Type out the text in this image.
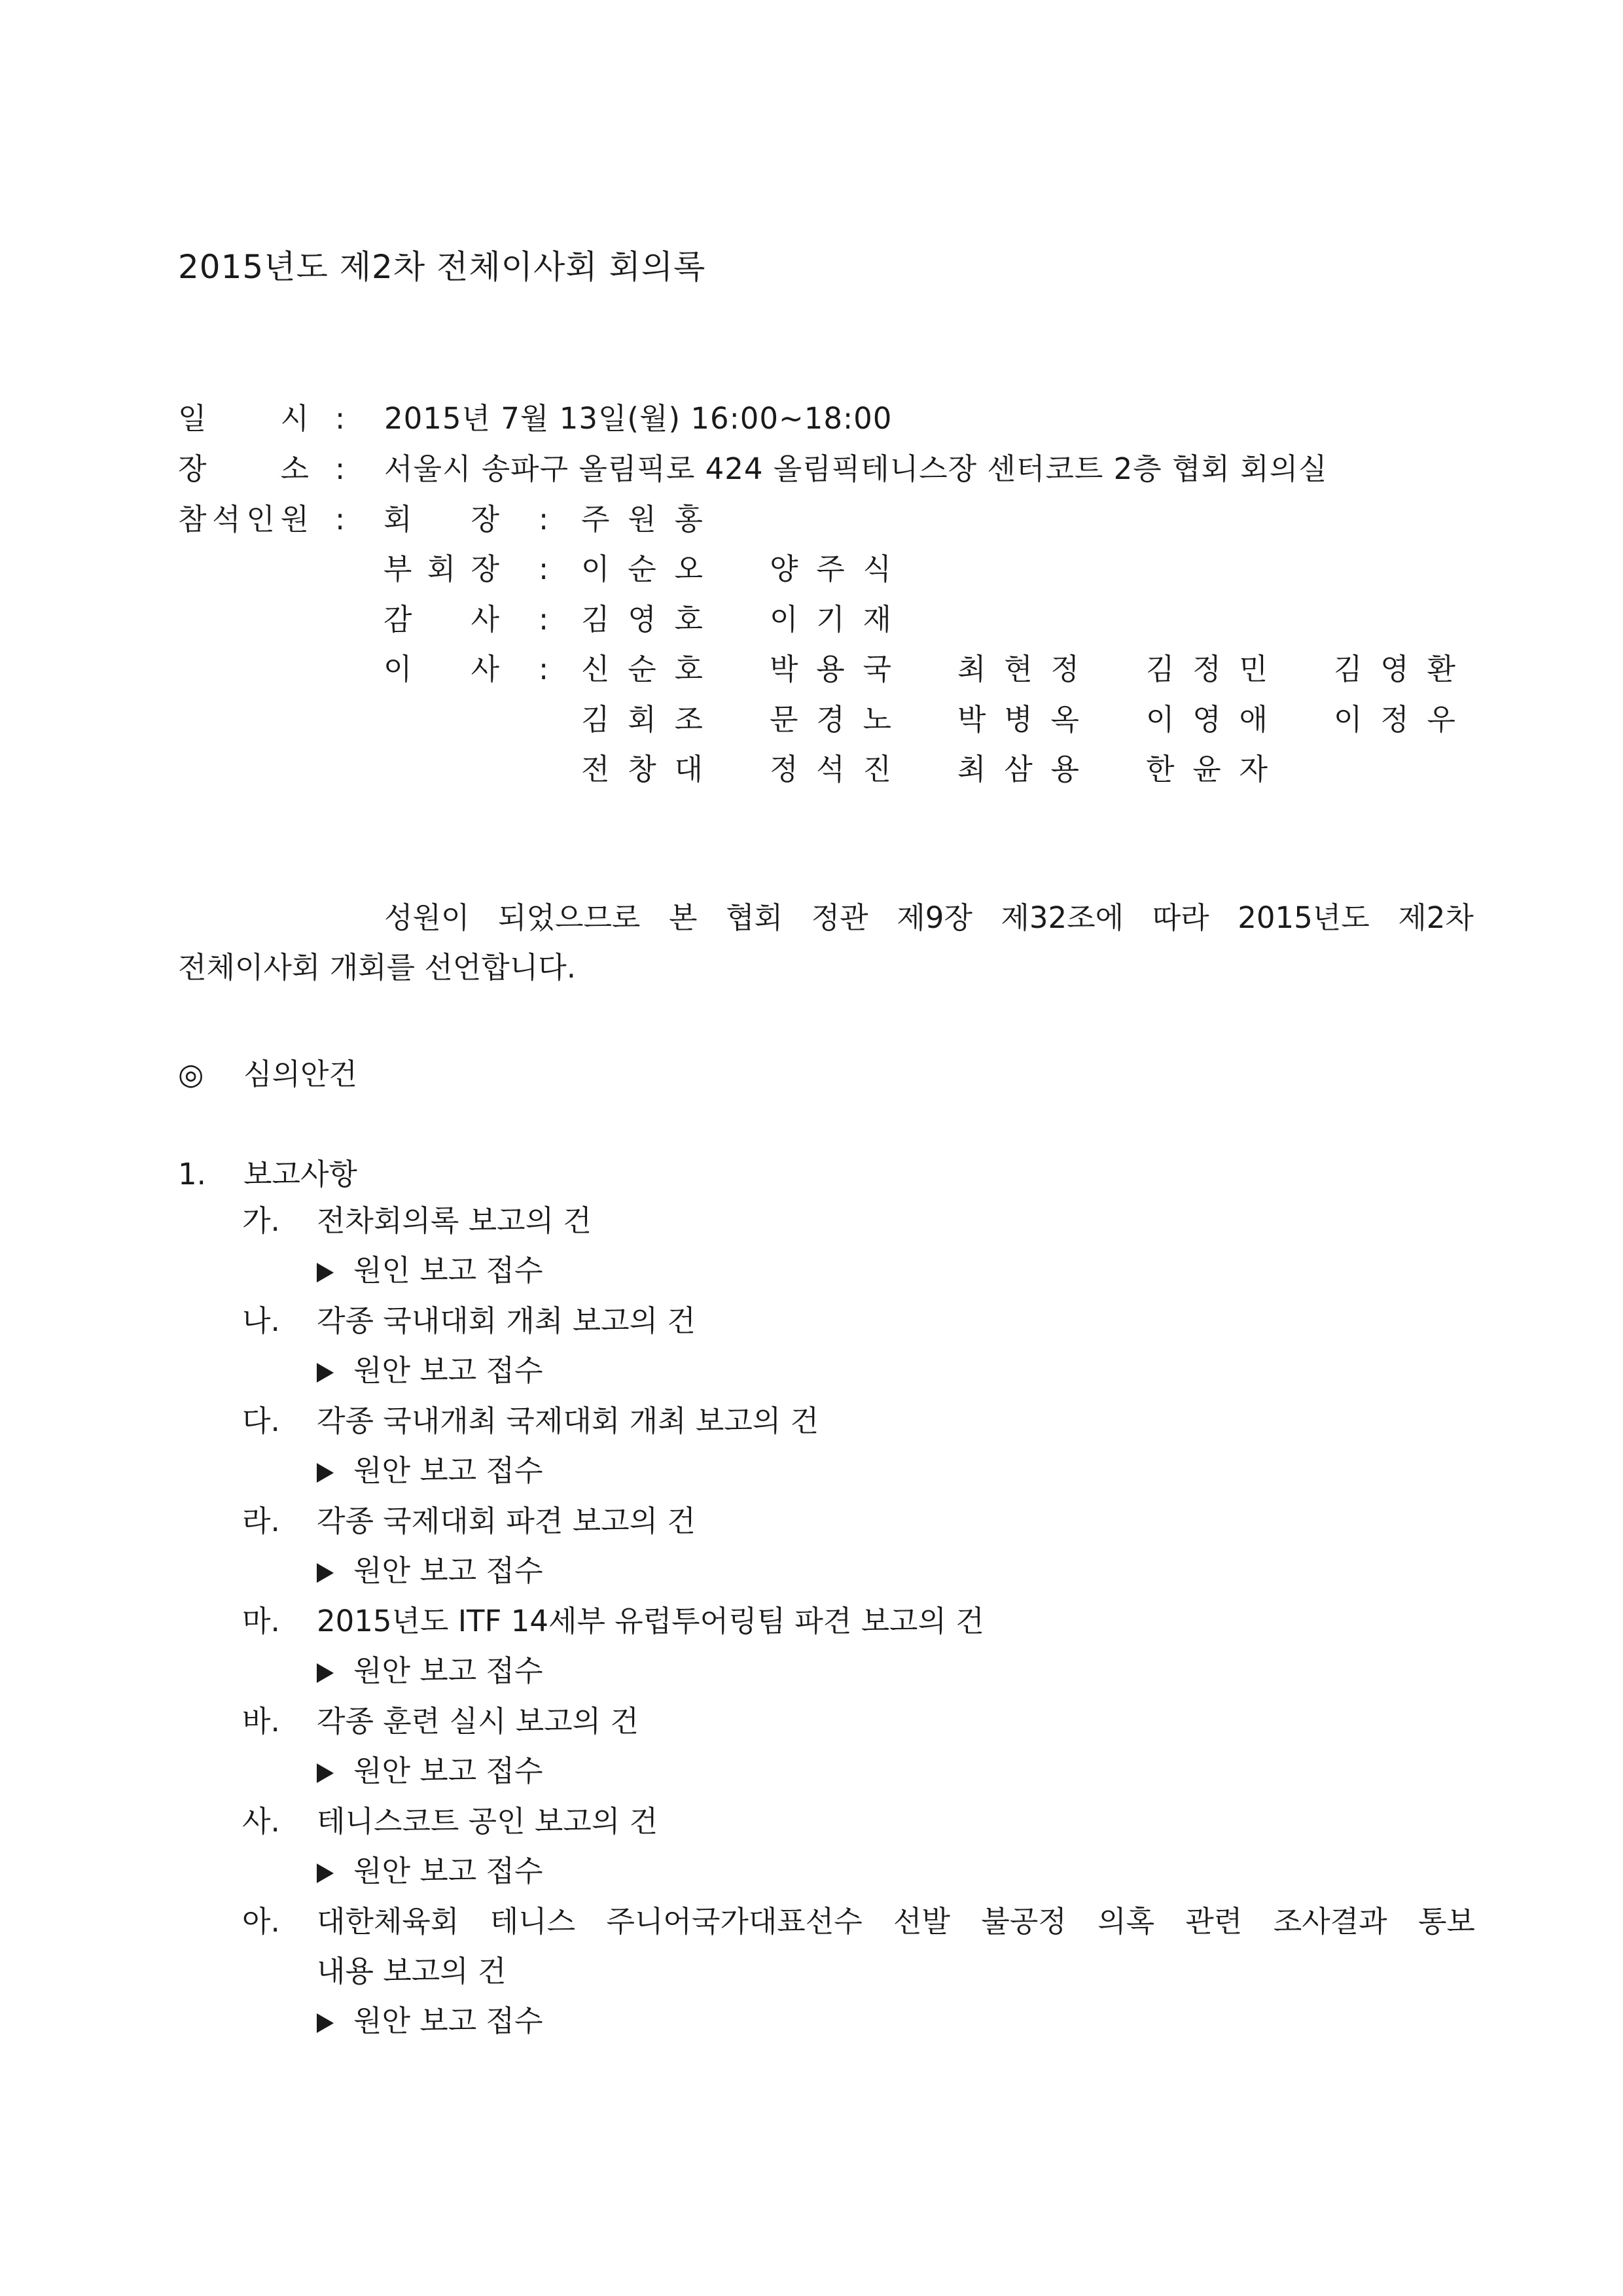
2015년도 제2차 전체이사회 회의록
일	시 : 2015년 7월 13일(월) 16:00~18:00
장	소 : 서울시 송파구 올림픽로 424 올림픽테니스장 센터코트 2층 협회 회의실
참 석 인 원 : 회 장 : 주 원 홍
부 회 장 : 이 순 오 양 주 식
감 사 : 김 영 호 이 기 재
이 사 : 신 순 호 박 용 국 최 현 정 김 정 민 김 영 환
김 회 조 문 경 노 박 병 옥 이 영 애 이 정 우
전 창 대 정 석 진 최 삼 용 한 윤 자
성원이 되었으므로 본 협회 정관 제9장 제32조에 따라 2015년도 제2차
전체이사회 개회를 선언합니다.
◎ 심의안건
1. 보고사항
가. 전차회의록 보고의 건
원인 보고 접수
나. 각종 국내대회 개최 보고의 건
원안 보고 접수
다. 각종 국내개최 국제대회 개최 보고의 건
원안 보고 접수
라. 각종 국제대회 파견 보고의 건
원안 보고 접수
마. 2015년도 ITF 14세부 유럽투어링팀 파견 보고의 건
원안 보고 접수
바. 각종 훈련 실시 보고의 건
원안 보고 접수
사. 테니스코트 공인 보고의 건
원안 보고 접수
아. 대한체육회 테니스 주니어국가대표선수 선발 불공정 의혹 관련 조사결과 통보
내용 보고의 건
원안 보고 접수
